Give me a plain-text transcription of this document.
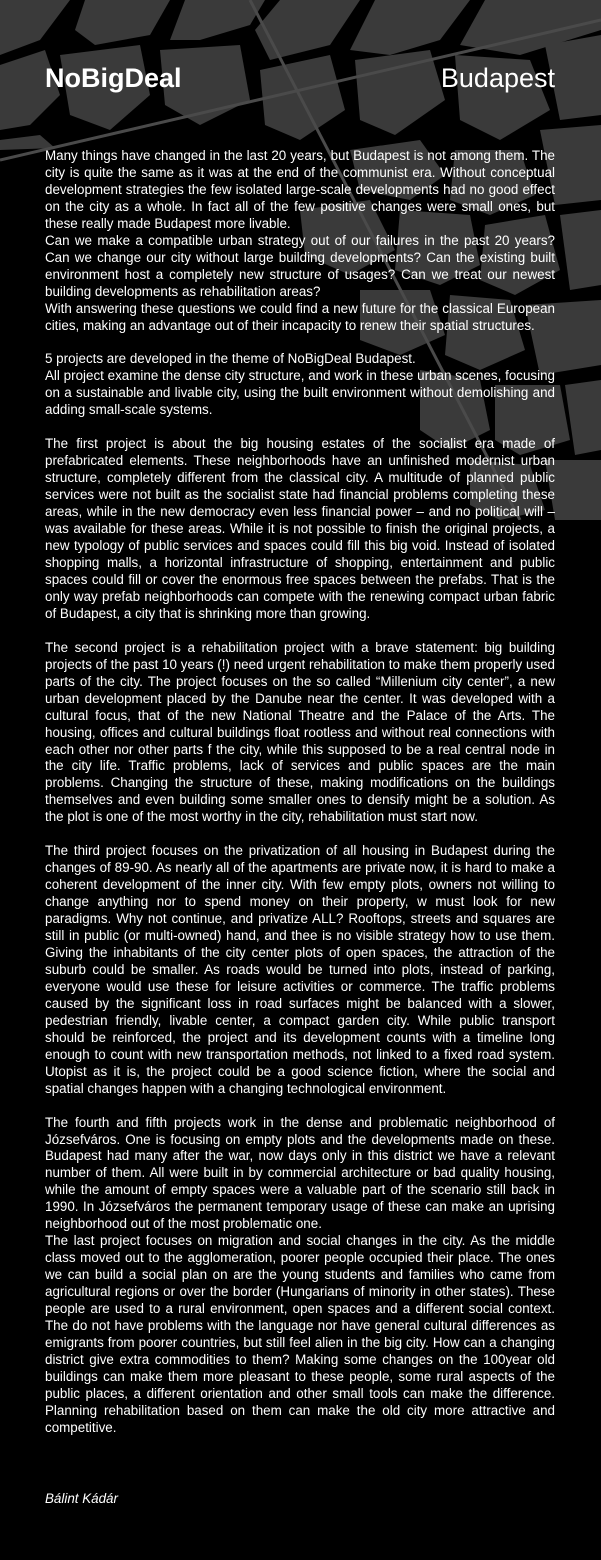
NoBigDeal	Budapest

Many things have changed in the last 20 years, but Budapest is not among them. The city is quite the same as it was at the end of the communist era. Without conceptual development strategies the few isolated large-scale developments had no good effect on the city as a whole. In fact all of the few positive changes were small ones, but these really made Budapest more livable.

Can we make a compatible urban strategy out of our failures in the past 20 years? Can we change our city without large building developments? Can the existing built environment host a completely new structure of usages? Can we treat our newest building developments as rehabilitation areas?

With answering these questions we could find a new future for the classical European cities, making an advantage out of their incapacity to renew their spatial structures.

5 projects are developed in the theme of NoBigDeal Budapest.

All project examine the dense city structure, and work in these urban scenes, focusing on a sustainable and livable city, using the built environment without demolishing and adding small-scale systems.

The first project is about the big housing estates of the socialist era made of prefabricated elements. These neighborhoods have an unfinished modernist urban structure, completely different from the classical city. A multitude of planned public services were not built as the socialist state had financial problems completing these areas, while in the new democracy even less financial power – and no political will – was available for these areas. While it is not possible to finish the original projects, a new typology of public services and spaces could fill this big void. Instead of isolated shopping malls, a horizontal infrastructure of shopping, entertainment and public spaces could fill or cover the enormous free spaces between the prefabs. That is the only way prefab neighborhoods can compete with the renewing compact urban fabric of Budapest, a city that is shrinking more than growing.

The second project is a rehabilitation project with a brave statement: big building projects of the past 10 years (!) need urgent rehabilitation to make them properly used parts of the city. The project focuses on the so called “Millenium city center”, a new urban development placed by the Danube near the center. It was developed with a cultural focus, that of the new National Theatre and the Palace of the Arts. The housing, offices and cultural buildings float rootless and without real connections with each other nor other parts f the city, while this supposed to be a real central node in the city life. Traffic problems, lack of services and public spaces are the main problems. Changing the structure of these, making modifications on the buildings themselves and even building some smaller ones to densify might be a solution. As the plot is one of the most worthy in the city, rehabilitation must start now.

The third project focuses on the privatization of all housing in Budapest during the changes of 89-90. As nearly all of the apartments are private now, it is hard to make a coherent development of the inner city. With few empty plots, owners not willing to change anything nor to spend money on their property, w must look for new paradigms. Why not continue, and privatize ALL? Rooftops, streets and squares are still in public (or multi-owned) hand, and thee is no visible strategy how to use them. Giving the inhabitants of the city center plots of open spaces, the attraction of the suburb could be smaller. As roads would be turned into plots, instead of parking, everyone would use these for leisure activities or commerce. The traffic problems caused by the significant loss in road surfaces might be balanced with a slower, pedestrian friendly, livable center, a compact garden city. While public transport should be reinforced, the project and its development counts with a timeline long enough to count with new transportation methods, not linked to a fixed road system. Utopist as it is, the project could be a good science fiction, where the social and spatial changes happen with a changing technological environment.

The fourth and fifth projects work in the dense and problematic neighborhood of Józsefváros. One is focusing on empty plots and the developments made on these. Budapest had many after the war, now days only in this district we have a relevant number of them. All were built in by commercial architecture or bad quality housing, while the amount of empty spaces were a valuable part of the scenario still back in 1990. In Józsefváros the permanent temporary usage of these can make an uprising neighborhood out of the most problematic one.

The last project focuses on migration and social changes in the city. As the middle class moved out to the agglomeration, poorer people occupied their place. The ones we can build a social plan on are the young students and families who came from agricultural regions or over the border (Hungarians of minority in other states). These people are used to a rural environment, open spaces and a different social context. The do not have problems with the language nor have general cultural differences as emigrants from poorer countries, but still feel alien in the big city. How can a changing district give extra commodities to them? Making some changes on the 100year old buildings can make them more pleasant to these people, some rural aspects of the public places, a different orientation and other small tools can make the difference. Planning rehabilitation based on them can make the old city more attractive and competitive.

Bálint Kádár
